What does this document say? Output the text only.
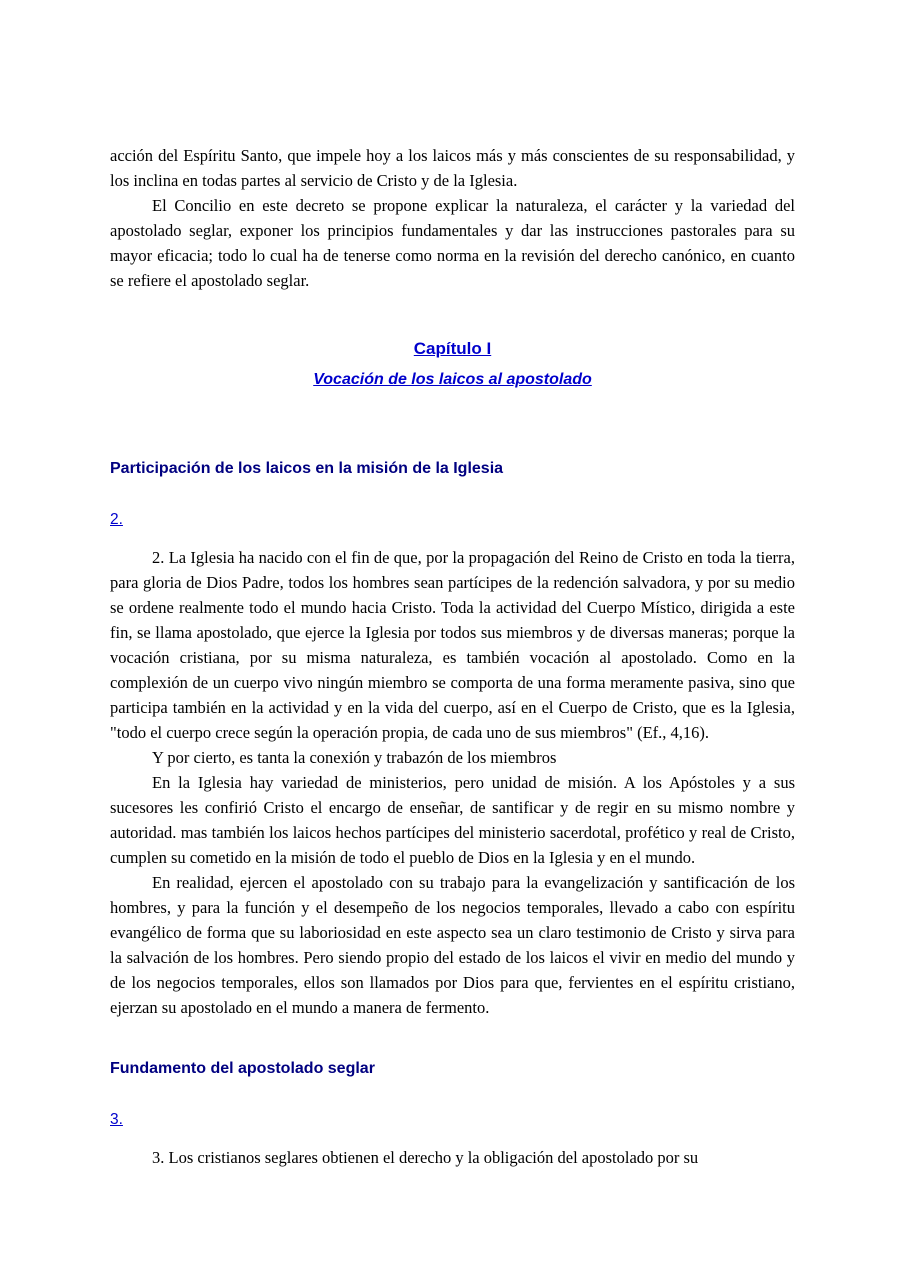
acción del Espíritu Santo, que impele hoy a los laicos más y más conscientes de su responsabilidad, y los inclina en todas partes al servicio de Cristo y de la Iglesia.

El Concilio en este decreto se propone explicar la naturaleza, el carácter y la variedad del apostolado seglar, exponer los principios fundamentales y dar las instrucciones pastorales para su mayor eficacia; todo lo cual ha de tenerse como norma en la revisión del derecho canónico, en cuanto se refiere el apostolado seglar.

Capítulo I
Vocación de los laicos al apostolado
Participación de los laicos en la misión de la Iglesia
2.

2. La Iglesia ha nacido con el fin de que, por la propagación del Reino de Cristo en toda la tierra, para gloria de Dios Padre, todos los hombres sean partícipes de la redención salvadora, y por su medio se ordene realmente todo el mundo hacia Cristo. Toda la actividad del Cuerpo Místico, dirigida a este fin, se llama apostolado, que ejerce la Iglesia por todos sus miembros y de diversas maneras; porque la vocación cristiana, por su misma naturaleza, es también vocación al apostolado. Como en la complexión de un cuerpo vivo ningún miembro se comporta de una forma meramente pasiva, sino que participa también en la actividad y en la vida del cuerpo, así en el Cuerpo de Cristo, que es la Iglesia, "todo el cuerpo crece según la operación propia, de cada uno de sus miembros" (Ef., 4,16).

Y por cierto, es tanta la conexión y trabazón de los miembros

En la Iglesia hay variedad de ministerios, pero unidad de misión. A los Apóstoles y a sus sucesores les confirió Cristo el encargo de enseñar, de santificar y de regir en su mismo nombre y autoridad. mas también los laicos hechos partícipes del ministerio sacerdotal, profético y real de Cristo, cumplen su cometido en la misión de todo el pueblo de Dios en la Iglesia y en el mundo.

En realidad, ejercen el apostolado con su trabajo para la evangelización y santificación de los hombres, y para la función y el desempeño de los negocios temporales, llevado a cabo con espíritu evangélico de forma que su laboriosidad en este aspecto sea un claro testimonio de Cristo y sirva para la salvación de los hombres. Pero siendo propio del estado de los laicos el vivir en medio del mundo y de los negocios temporales, ellos son llamados por Dios para que, fervientes en el espíritu cristiano, ejerzan su apostolado en el mundo a manera de fermento.

Fundamento del apostolado seglar
3.

3. Los cristianos seglares obtienen el derecho y la obligación del apostolado por su
